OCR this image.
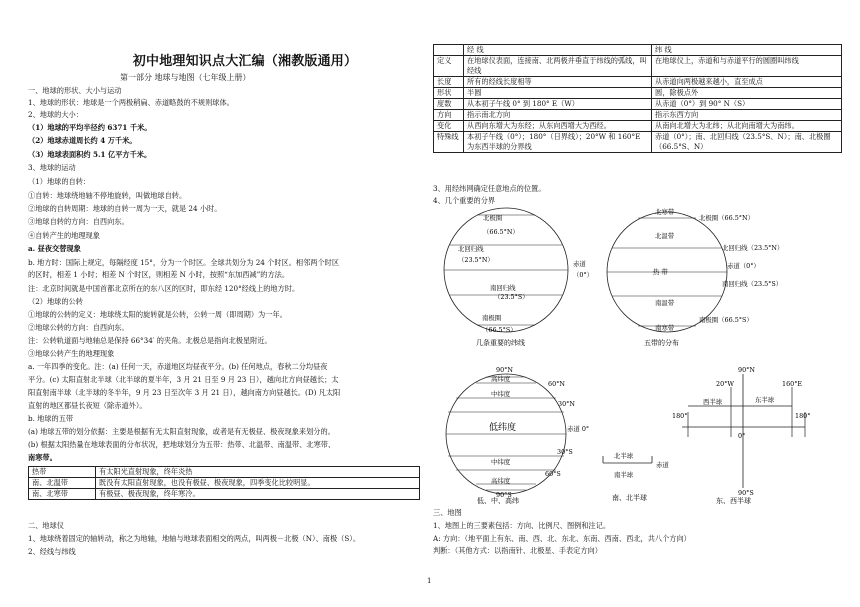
初中地理知识点大汇编（湘教版通用）
第一部分 地球与地图（七年级上册）
一、地球的形状、大小与运动
1、地球的形状：地球是一个两极稍扁、赤道略鼓的不规则球体。
2、地球的大小：
（1）地球的平均半径约 6371 千米。
（2）地球赤道周长约 4 万千米。
（3）地球表面积约 5.1 亿平方千米。
3、地球的运动
（1）地球的自转：
①自转：地球绕地轴不停地旋转，叫做地球自转。
②地球的自转周期：地球的自转一周为一天，就是 24 小时。
③地球自转的方向：自西向东。
④自转产生的地理现象
a. 昼夜交替现象
b. 地方时：国际上规定，每隔经度 15°，分为一个时区。全球共划分为 24 个时区。相邻两个时区
的区时，相差 1 小时；相差 N 个时区，则相差 N 小时，按照“东加西减”的方法。
注：北京时间就是中国首都北京所在的东八区的区时，即东经 120°经线上的地方时。
（2）地球的公转
①地球的公转的定义：地球绕太阳的旋转就是公转，公转一周（即周期）为一年。
②地球公转的方向：自西向东。
注：公转轨道面与地轴总是保持 66°34′ 的夹角。北极总是指向北极星附近。
③地球公转产生的地理现象
a. 一年四季的变化。注：(a) 任何一天，赤道地区均昼夜平分。(b) 任何地点，春秋二分均昼夜
平分。(c) 太阳直射北半球（北半球的夏半年，3 月 21 日至 9 月 23 日），越向北方向昼越长；太
阳直射南半球（北半球的冬半年，9 月 23 日至次年 3 月 21 日），越向南方向昼越长。(D) 凡太阳
直射的地区都昼长夜短（除赤道外）。
b. 地球的五带
(a) 地球五带的划分依据：主要是根据有无太阳直射现象，或者是有无极昼、极夜现象来划分的。
(b) 根据太阳热量在地球表面的分布状况，把地球划分为五带：热带、北温带、南温带、北寒带、
南寒带。
热带	有太阳光直射现象，终年炎热
南、北温带	既没有太阳直射现象，也没有极昼、极夜现象，四季变化比较明显。
南、北寒带	有极昼、极夜现象，终年寒冷。
二、地球仪
1、地球绕着固定的轴转动，称之为地轴，地轴与地球表面相交的两点，叫两极－北极（N）、南极（S）。
2、经线与纬线
	经 线	纬 线
定义	在地球仪表面，连接南、北两极并垂直于纬线的弧线，叫经线	在地球仪上，赤道和与赤道平行的圆圈叫纬线
长度	所有的经线长度相等	从赤道向两极越来越小，直至成点
形状	半圆	圆，除极点外
度数	从本初子午线 0° 到 180° E（W）	从赤道（0°）到 90° N（S）
方向	指示南北方向	指示东西方向
变化	从西向东增大为东经；从东向西增大为西经。	从南向北增大为北纬；从北向南增大为南纬。
特殊线	本初子午线（0°）；180°（日界线）；20°W 和 160°E 为东西半球的分界线	赤道（0°）；南、北回归线（23.5°S、N）；南、北极圈（66.5°S、N）
3、用经纬网确定任意地点的位置。
4、几个重要的分界
三、地图
1、地图上的三要素包括：方向、比例尺、图例和注记。
A: 方向：（地平面上有东、南、西、北、东北、东南、西南、西北，共八个方向）
判断：（其他方式：以指南针、北极星、手表定方向）
北极圈
（66.5°N）
北回归线
（23.5°N）	赤道
（0°）
南回归线
（23.5°S）
南极圈
（66.5°S）
几条重要的纬线
北寒带
北温带
热 带
南温带
南寒带
北极圈（66.5°N）
北回归线（23.5°N）
赤道（0°）
南回归线（23.5°S）
南极圈（66.5°S）
五带的分布
高纬度
中纬度
低纬度
中纬度
高纬度
90°N
60°N
30°N
赤道 0°
30°S
60°S
90°S
低、中、高纬
北半球
赤道
南半球
南、北半球
90°N
20°W	160°E
西半球	东半球
180°	180°
0°
90°S
东、西半球
1
